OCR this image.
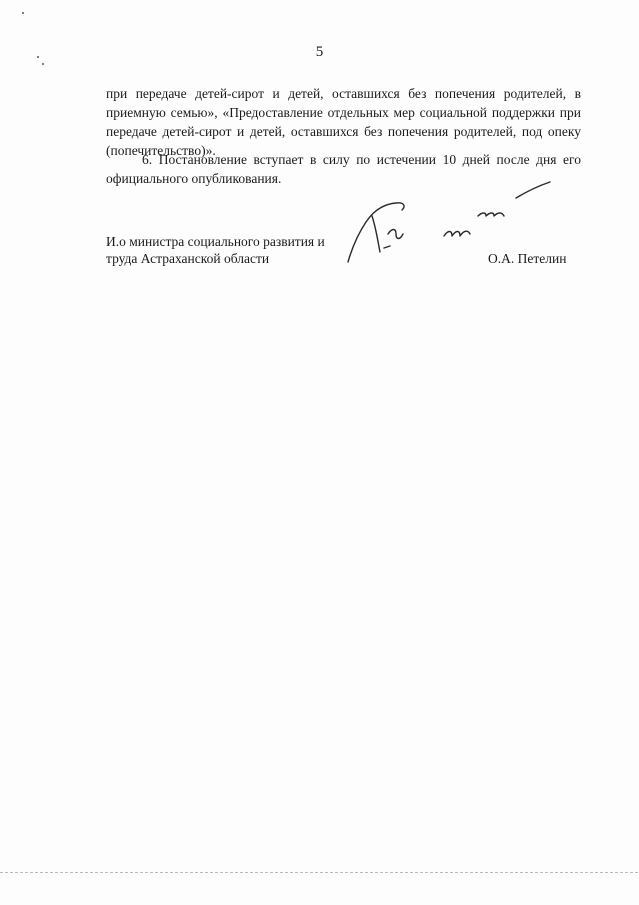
5
при передаче детей-сирот и детей, оставшихся без попечения родителей, в приемную семью», «Предоставление отдельных мер социальной поддержки при передаче детей-сирот и детей, оставшихся без попечения родителей, под опеку (попечительство)».
6. Постановление вступает в силу по истечении 10 дней после дня его официального опубликования.
И.о министра социального развития и
труда Астраханской области	О.А. Петелин
